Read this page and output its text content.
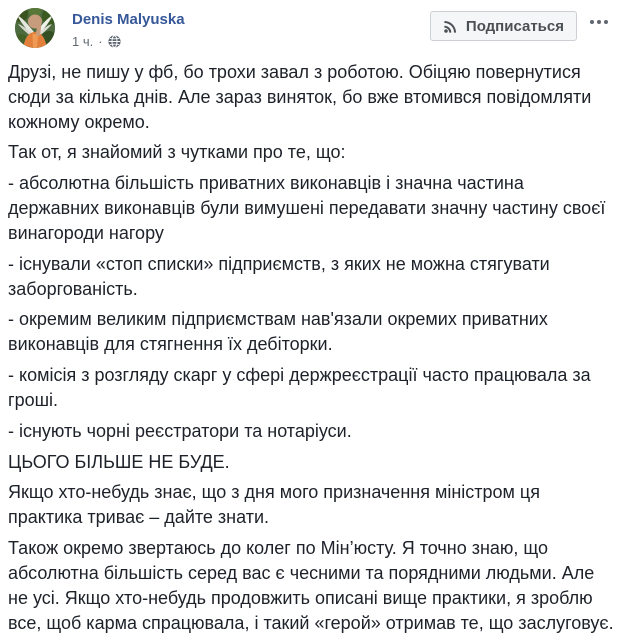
Denis Malyuska
1 ч. ·
Подписаться

Друзі, не пишу у фб, бо трохи завал з роботою. Обіцяю повернутися сюди за кілька днів. Але зараз виняток, бо вже втомився повідомляти кожному окремо.

Так от, я знайомий з чутками про те, що:

- абсолютна більшість приватних виконавців і значна частина державних виконавців були вимушені передавати значну частину своєї винагороди нагору

- існували «стоп списки» підприємств, з яких не можна стягувати заборгованість.

- окремим великим підприємствам нав'язали окремих приватних виконавців для стягнення їх дебіторки.

- комісія з розгляду скарг у сфері держреєстрації часто працювала за гроші.

- існують чорні реєстратори та нотаріуси.

ЦЬОГО БІЛЬШЕ НЕ БУДЕ.

Якщо хто-небудь знає, що з дня мого призначення міністром ця практика триває – дайте знати.

Також окремо звертаюсь до колег по Мін’юсту. Я точно знаю, що абсолютна більшість серед вас є чесними та порядними людьми. Але не усі. Якщо хто-небудь продовжить описані вище практики, я зроблю все, щоб карма спрацювала, і такий «герой» отримав те, що заслуговує.
